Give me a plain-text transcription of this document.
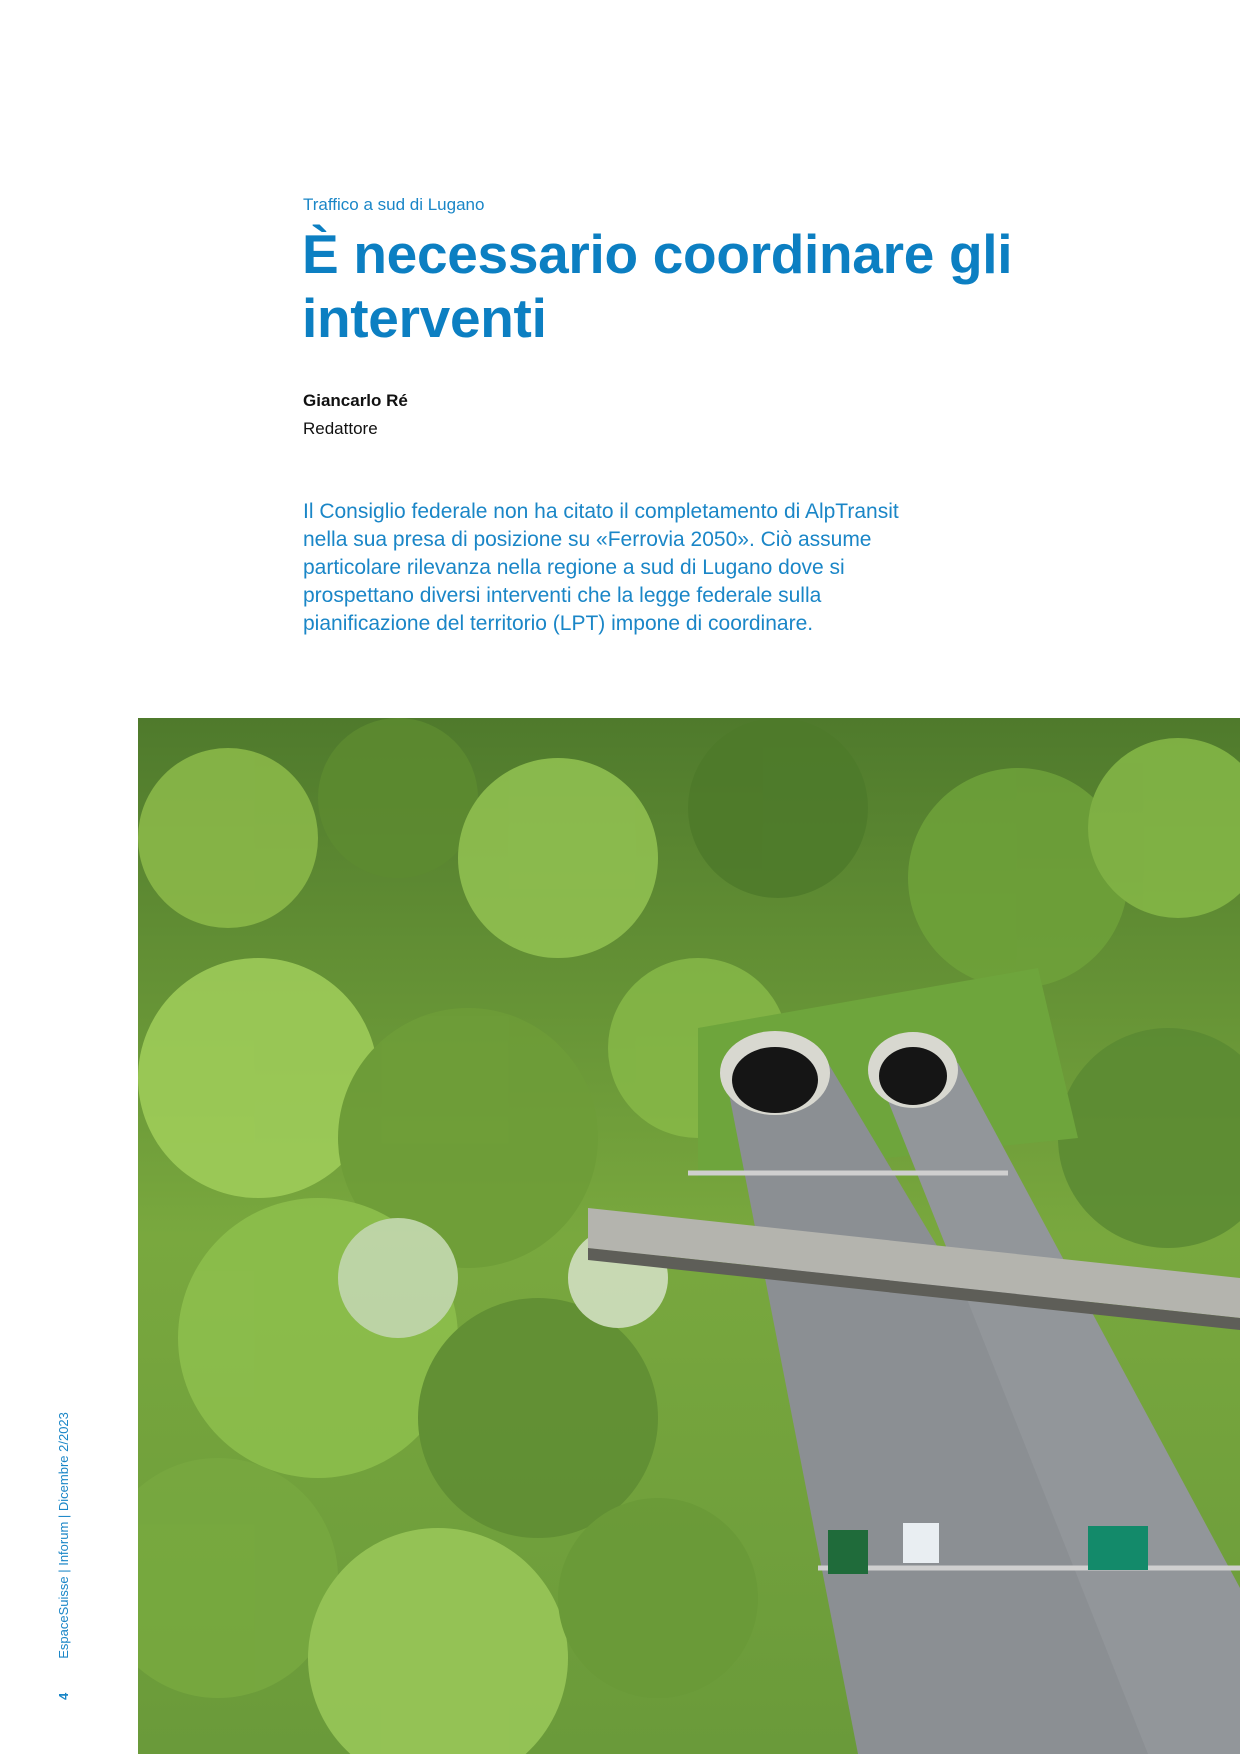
Traffico a sud di Lugano
È necessario coordinare gli interventi
Giancarlo Ré
Redattore

Il Consiglio federale non ha citato il completamento di AlpTransit nella sua presa di posizione su «Ferrovia 2050». Ciò assume particolare rilevanza nella regione a sud di Lugano dove si prospettano diversi interventi che la legge federale sulla pianificazione del territorio (LPT) impone di coordinare.

4EspaceSuisse | Inforum | Dicembre 2/2023
